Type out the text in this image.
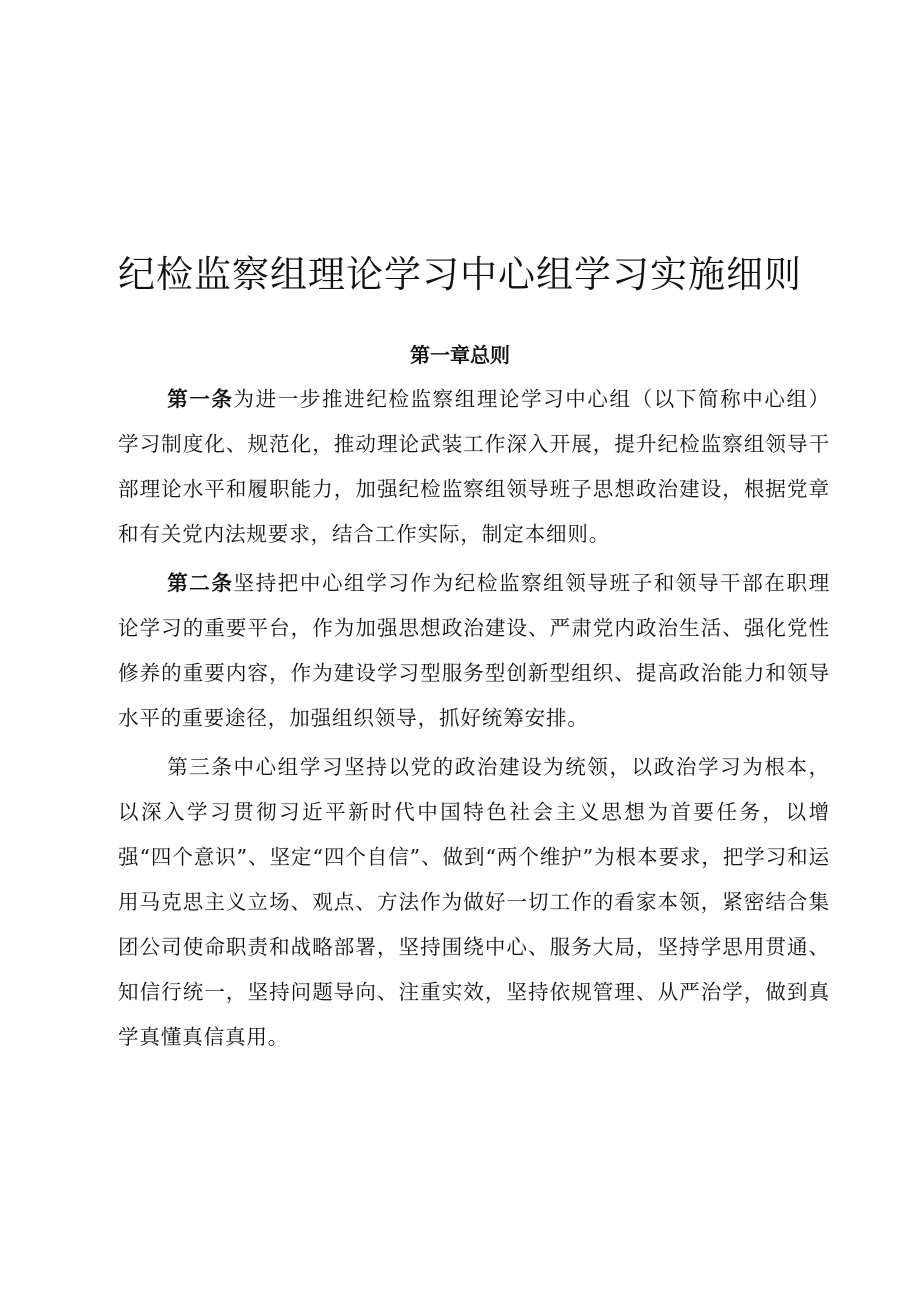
纪检监察组理论学习中心组学习实施细则
第一章总则

第一条为进一步推进纪检监察组理论学习中心组（以下简称中心组）学习制度化、规范化，推动理论武装工作深入开展，提升纪检监察组领导干部理论水平和履职能力，加强纪检监察组领导班子思想政治建设，根据党章和有关党内法规要求，结合工作实际，制定本细则。

第二条坚持把中心组学习作为纪检监察组领导班子和领导干部在职理论学习的重要平台，作为加强思想政治建设、严肃党内政治生活、强化党性修养的重要内容，作为建设学习型服务型创新型组织、提高政治能力和领导水平的重要途径，加强组织领导，抓好统筹安排。

第三条中心组学习坚持以党的政治建设为统领，以政治学习为根本，以深入学习贯彻习近平新时代中国特色社会主义思想为首要任务，以增强“四个意识”、坚定“四个自信”、做到“两个维护”为根本要求，把学习和运用马克思主义立场、观点、方法作为做好一切工作的看家本领，紧密结合集团公司使命职责和战略部署，坚持围绕中心、服务大局，坚持学思用贯通、知信行统一，坚持问题导向、注重实效，坚持依规管理、从严治学，做到真学真懂真信真用。
